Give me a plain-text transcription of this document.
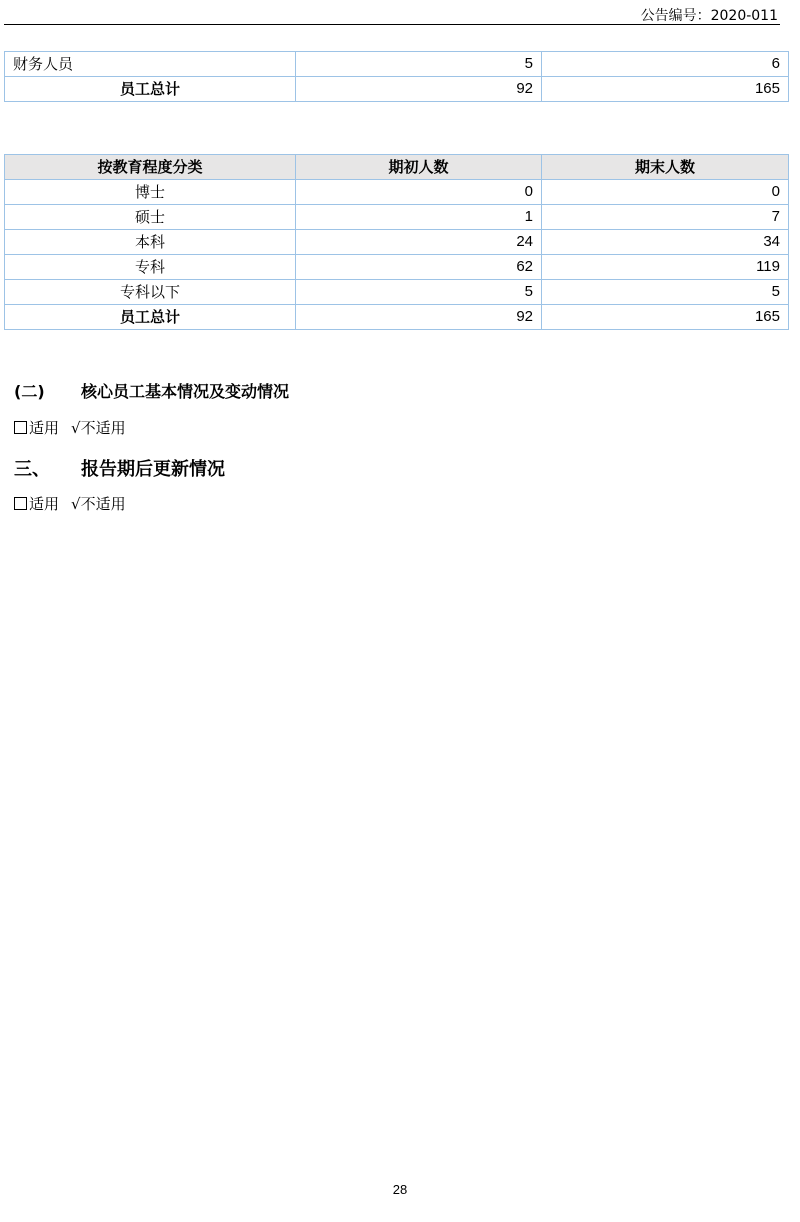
公告编号：2020-011
财务人员	5	6
员工总计	92	165
按教育程度分类	期初人数	期末人数
博士	0	0
硕士	1	7
本科	24	34
专科	62	119
专科以下	5	5
员工总计	92	165
(二) 核心员工基本情况及变动情况
适用 √不适用
三、 报告期后更新情况
适用 √不适用
28
